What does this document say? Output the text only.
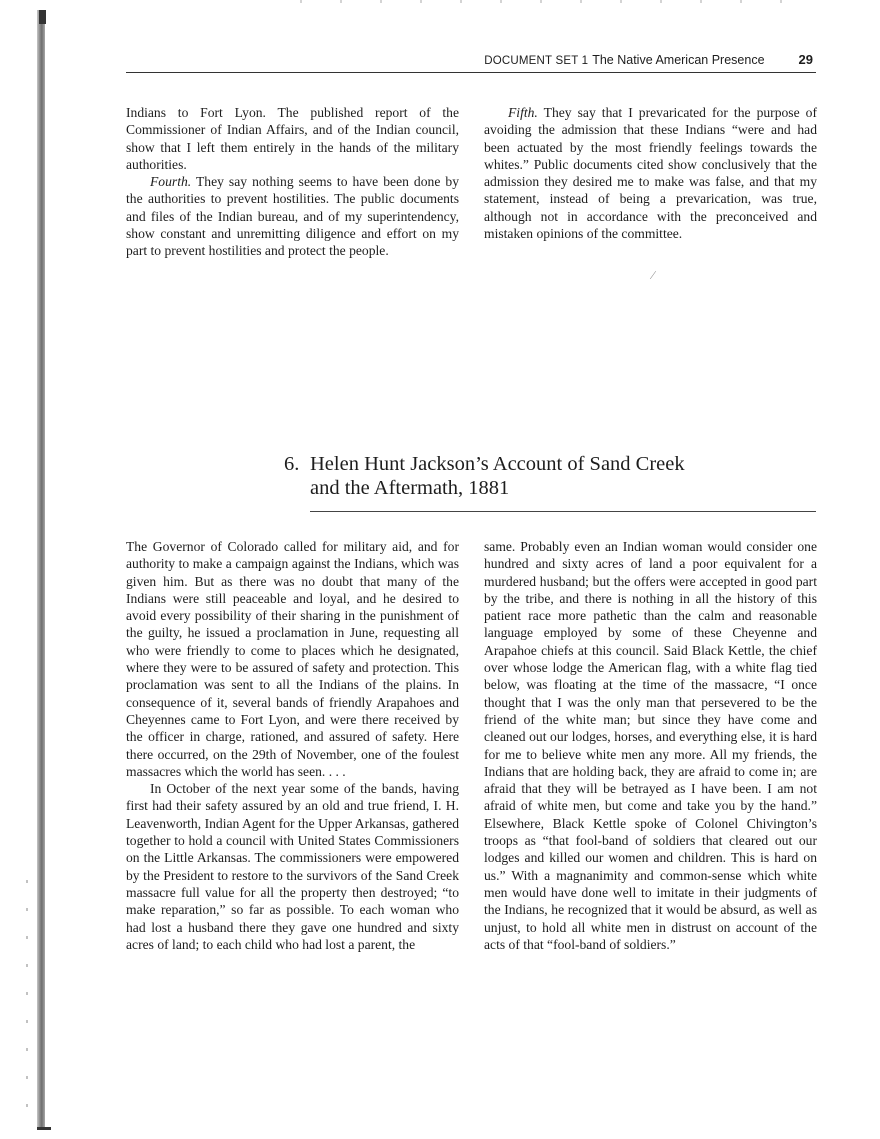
DOCUMENT SET 1 The Native American Presence	29

Indians to Fort Lyon. The published report of the Commissioner of Indian Affairs, and of the Indian council, show that I left them entirely in the hands of the military authorities.

Fourth. They say nothing seems to have been done by the authorities to prevent hostilities. The public documents and files of the Indian bureau, and of my superintendency, show constant and unremitting diligence and effort on my part to prevent hostilities and protect the people.

Fifth. They say that I prevaricated for the purpose of avoiding the admission that these Indians “were and had been actuated by the most friendly feelings towards the whites.” Public documents cited show conclusively that the admission they desired me to make was false, and that my statement, instead of being a prevarication, was true, although not in accordance with the preconceived and mistaken opinions of the committee.

∕
6. Helen Hunt Jackson’s Account of Sand Creek
and the Aftermath, 1881

The Governor of Colorado called for military aid, and for authority to make a campaign against the Indians, which was given him. But as there was no doubt that many of the Indians were still peaceable and loyal, and he desired to avoid every possibility of their sharing in the punishment of the guilty, he issued a proclamation in June, requesting all who were friendly to come to places which he designated, where they were to be assured of safety and protection. This proclamation was sent to all the Indians of the plains. In consequence of it, several bands of friendly Arapahoes and Cheyennes came to Fort Lyon, and were there received by the officer in charge, rationed, and assured of safety. Here there occurred, on the 29th of November, one of the foulest massacres which the world has seen. . . .

In October of the next year some of the bands, having first had their safety assured by an old and true friend, I. H. Leavenworth, Indian Agent for the Upper Arkansas, gathered together to hold a council with United States Commissioners on the Little Arkansas. The commissioners were empowered by the President to restore to the survivors of the Sand Creek massacre full value for all the property then destroyed; “to make reparation,” so far as possible. To each woman who had lost a husband there they gave one hundred and sixty acres of land; to each child who had lost a parent, the

same. Probably even an Indian woman would consider one hundred and sixty acres of land a poor equivalent for a murdered husband; but the offers were accepted in good part by the tribe, and there is nothing in all the history of this patient race more pathetic than the calm and reasonable language employed by some of these Cheyenne and Arapahoe chiefs at this council. Said Black Kettle, the chief over whose lodge the American flag, with a white flag tied below, was floating at the time of the massacre, “I once thought that I was the only man that persevered to be the friend of the white man; but since they have come and cleaned out our lodges, horses, and everything else, it is hard for me to believe white men any more. All my friends, the Indians that are holding back, they are afraid to come in; are afraid that they will be betrayed as I have been. I am not afraid of white men, but come and take you by the hand.” Elsewhere, Black Kettle spoke of Colonel Chivington’s troops as “that fool-band of soldiers that cleared out our lodges and killed our women and children. This is hard on us.” With a magnanimity and common-sense which white men would have done well to imitate in their judgments of the Indians, he recognized that it would be absurd, as well as unjust, to hold all white men in distrust on account of the acts of that “fool-band of soldiers.”
